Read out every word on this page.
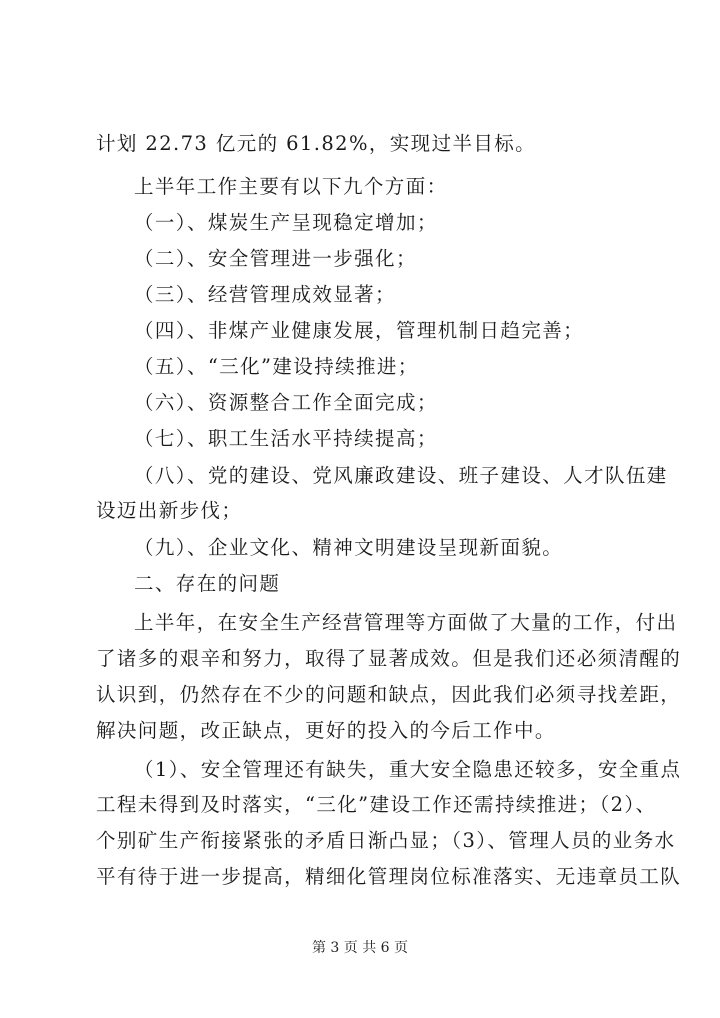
计划 22.73 亿元的 61.82%，实现过半目标。
上半年工作主要有以下九个方面：
（一）、煤炭生产呈现稳定增加；
（二）、安全管理进一步强化；
（三）、经营管理成效显著；
（四）、非煤产业健康发展，管理机制日趋完善；
（五）、“三化”建设持续推进；
（六）、资源整合工作全面完成；
（七）、职工生活水平持续提高；
（八）、党的建设、党风廉政建设、班子建设、人才队伍建
设迈出新步伐；
（九）、企业文化、精神文明建设呈现新面貌。
二、存在的问题
上半年，在安全生产经营管理等方面做了大量的工作，付出
了诸多的艰辛和努力，取得了显著成效。但是我们还必须清醒的
认识到，仍然存在不少的问题和缺点，因此我们必须寻找差距，
解决问题，改正缺点，更好的投入的今后工作中。
（1）、安全管理还有缺失，重大安全隐患还较多，安全重点
工程未得到及时落实，“三化”建设工作还需持续推进；（2）、
个别矿生产衔接紧张的矛盾日渐凸显；（3）、管理人员的业务水
平有待于进一步提高，精细化管理岗位标准落实、无违章员工队
第 3 页 共 6 页
